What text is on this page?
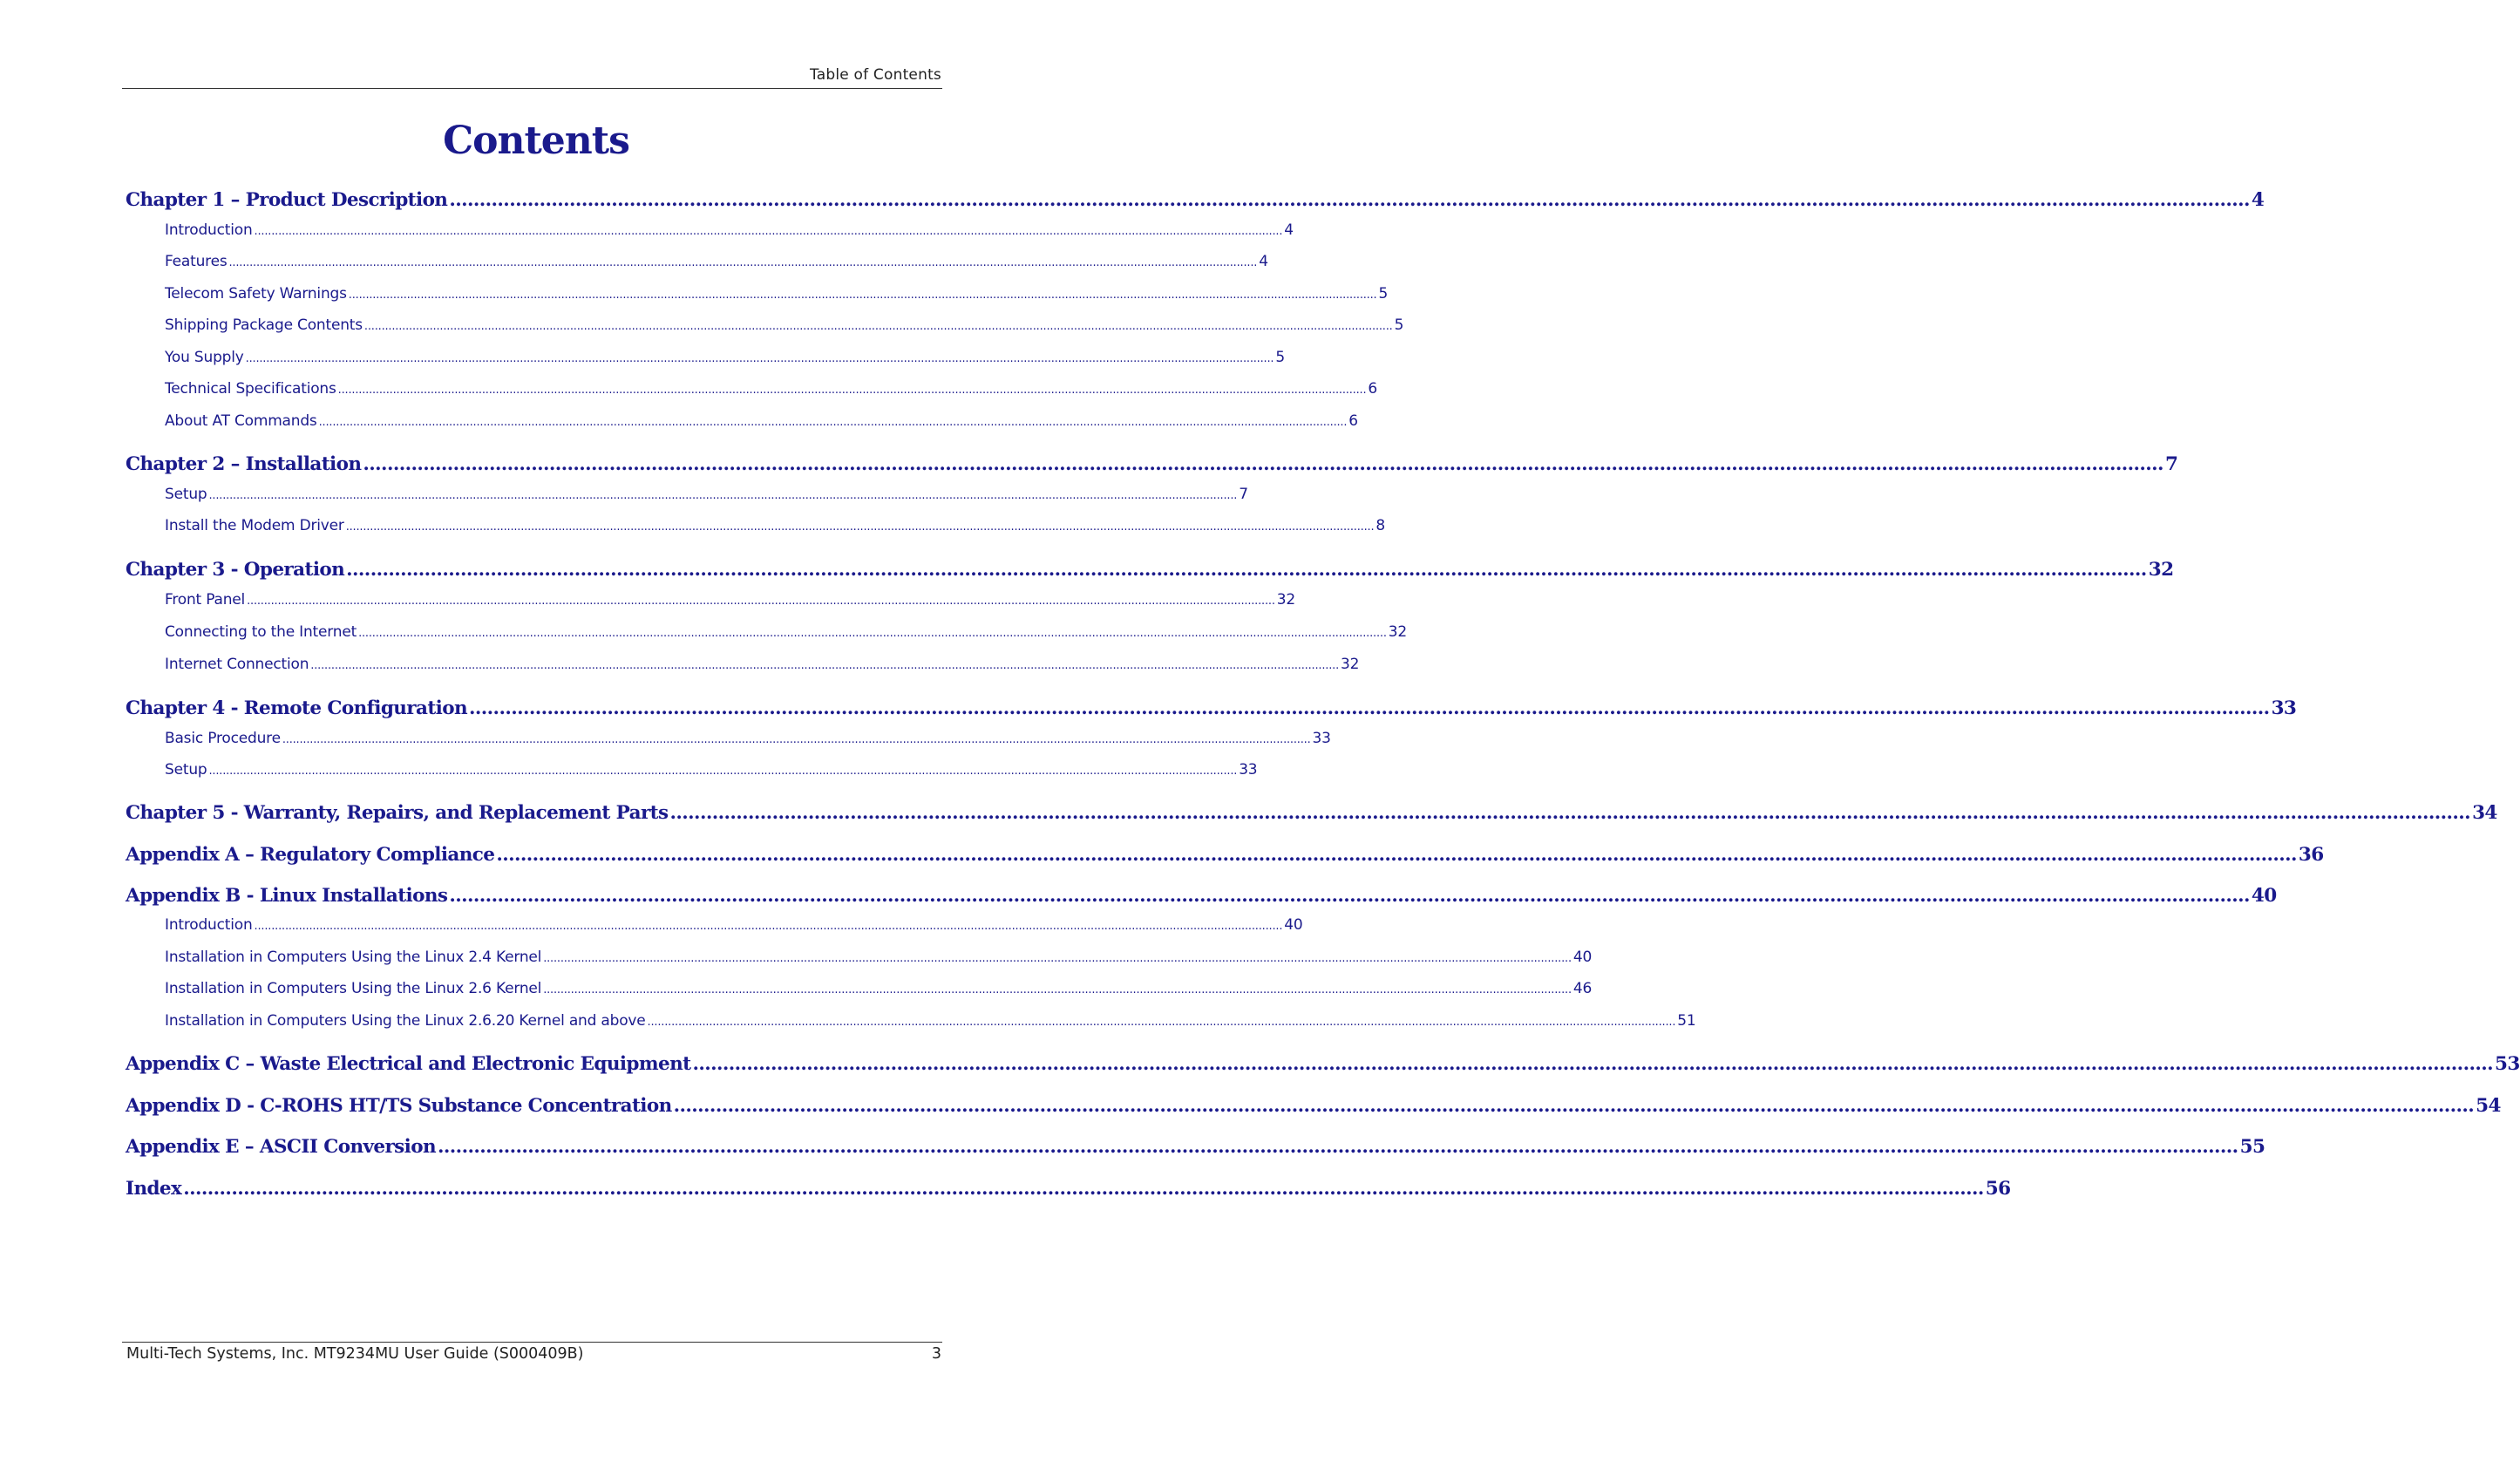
Table of Contents
Contents
Chapter 1 – Product Description ............................................................................................................................................................................................................................................................................................................ 4
Introduction ............................................................................................................................................................................................................................................................................................................ 4
Features ............................................................................................................................................................................................................................................................................................................ 4
Telecom Safety Warnings ............................................................................................................................................................................................................................................................................................................ 5
Shipping Package Contents ............................................................................................................................................................................................................................................................................................................ 5
You Supply ............................................................................................................................................................................................................................................................................................................ 5
Technical Specifications ............................................................................................................................................................................................................................................................................................................ 6
About AT Commands ............................................................................................................................................................................................................................................................................................................ 6
Chapter 2 – Installation ............................................................................................................................................................................................................................................................................................................ 7
Setup ............................................................................................................................................................................................................................................................................................................ 7
Install the Modem Driver ............................................................................................................................................................................................................................................................................................................ 8
Chapter 3 - Operation ............................................................................................................................................................................................................................................................................................................ 32
Front Panel ............................................................................................................................................................................................................................................................................................................ 32
Connecting to the Internet ............................................................................................................................................................................................................................................................................................................ 32
Internet Connection ............................................................................................................................................................................................................................................................................................................ 32
Chapter 4 - Remote Configuration ............................................................................................................................................................................................................................................................................................................ 33
Basic Procedure ............................................................................................................................................................................................................................................................................................................ 33
Setup ............................................................................................................................................................................................................................................................................................................ 33
Chapter 5 - Warranty, Repairs, and Replacement Parts ............................................................................................................................................................................................................................................................................................................ 34
Appendix A – Regulatory Compliance ............................................................................................................................................................................................................................................................................................................ 36
Appendix B - Linux Installations ............................................................................................................................................................................................................................................................................................................ 40
Introduction ............................................................................................................................................................................................................................................................................................................ 40
Installation in Computers Using the Linux 2.4 Kernel ............................................................................................................................................................................................................................................................................................................ 40
Installation in Computers Using the Linux 2.6 Kernel ............................................................................................................................................................................................................................................................................................................ 46
Installation in Computers Using the Linux 2.6.20 Kernel and above ............................................................................................................................................................................................................................................................................................................ 51
Appendix C – Waste Electrical and Electronic Equipment ............................................................................................................................................................................................................................................................................................................ 53
Appendix D - C-ROHS HT/TS Substance Concentration ............................................................................................................................................................................................................................................................................................................ 54
Appendix E – ASCII Conversion ............................................................................................................................................................................................................................................................................................................ 55
Index ............................................................................................................................................................................................................................................................................................................ 56
Multi-Tech Systems, Inc. MT9234MU User Guide (S000409B)	3
